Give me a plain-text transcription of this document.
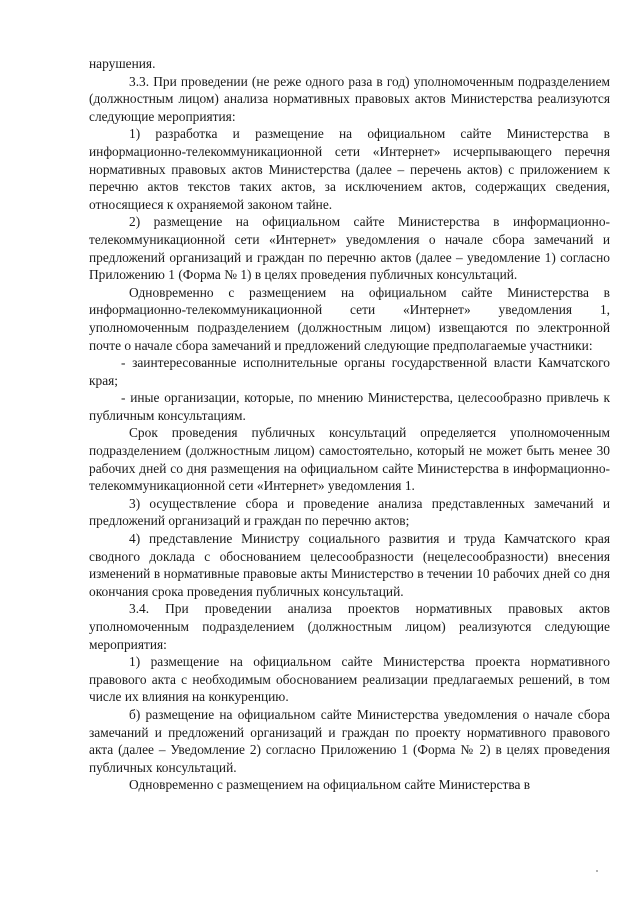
нарушения.

3.3. При проведении (не реже одного раза в год) уполномоченным подразделением (должностным лицом) анализа нормативных правовых актов Министерства реализуются следующие мероприятия:

1) разработка и размещение на официальном сайте Министерства в информационно-телекоммуникационной сети «Интернет» исчерпывающего перечня нормативных правовых актов Министерства (далее – перечень актов) с приложением к перечню актов текстов таких актов, за исключением актов, содержащих сведения, относящиеся к охраняемой законом тайне.

2) размещение на официальном сайте Министерства в информационно-телекоммуникационной сети «Интернет» уведомления о начале сбора замечаний и предложений организаций и граждан по перечню актов (далее – уведомление 1) согласно Приложению 1 (Форма № 1) в целях проведения публичных консультаций.

Одновременно с размещением на официальном сайте Министерства в информационно-телекоммуникационной сети «Интернет» уведомления 1, уполномоченным подразделением (должностным лицом) извещаются по электронной почте о начале сбора замечаний и предложений следующие предполагаемые участники:

- заинтересованные исполнительные органы государственной власти Камчатского края;

- иные организации, которые, по мнению Министерства, целесообразно привлечь к публичным консультациям.

Срок проведения публичных консультаций определяется уполномоченным подразделением (должностным лицом) самостоятельно, который не может быть менее 30 рабочих дней со дня размещения на официальном сайте Министерства в информационно-телекоммуникационной сети «Интернет» уведомления 1.

3) осуществление сбора и проведение анализа представленных замечаний и предложений организаций и граждан по перечню актов;

4) представление Министру социального развития и труда Камчатского края сводного доклада с обоснованием целесообразности (нецелесообразности) внесения изменений в нормативные правовые акты Министерство в течении 10 рабочих дней со дня окончания срока проведения публичных консультаций.

3.4. При проведении анализа проектов нормативных правовых актов уполномоченным подразделением (должностным лицом) реализуются следующие мероприятия:

1) размещение на официальном сайте Министерства проекта нормативного правового акта с необходимым обоснованием реализации предлагаемых решений, в том числе их влияния на конкуренцию.

б) размещение на официальном сайте Министерства уведомления о начале сбора замечаний и предложений организаций и граждан по проекту нормативного правового акта (далее – Уведомление 2) согласно Приложению 1 (Форма № 2) в целях проведения публичных консультаций.

Одновременно с размещением на официальном сайте Министерства в
